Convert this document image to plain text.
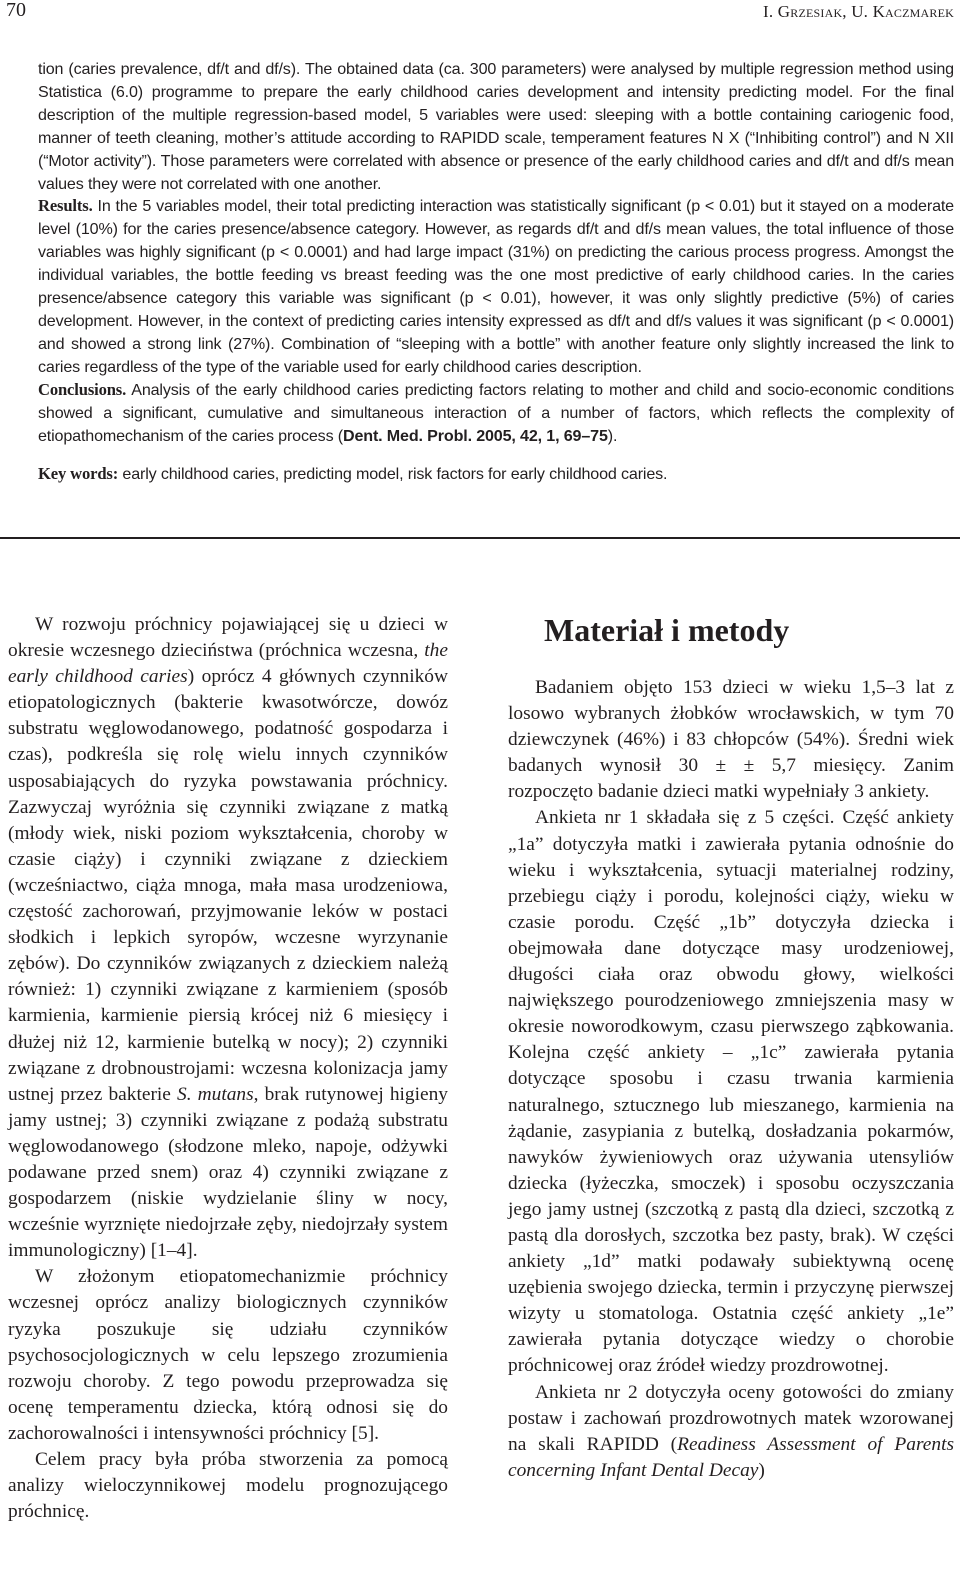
70	I. Grzesiak, U. Kaczmarek

tion (caries prevalence, df/t and df/s). The obtained data (ca. 300 parameters) were analysed by multiple regression method using Statistica (6.0) programme to prepare the early childhood caries development and intensity predicting model. For the final description of the multiple regression-based model, 5 variables were used: sleeping with a bottle containing cariogenic food, manner of teeth cleaning, mother’s attitude according to RAPIDD scale, temperament features N X (“Inhibiting control”) and N XII (“Motor activity”). Those parameters were correlated with absence or presence of the early childhood caries and df/t and df/s mean values they were not correlated with one another.
Results. In the 5 variables model, their total predicting interaction was statistically significant (p < 0.01) but it stayed on a moderate level (10%) for the caries presence/absence category. However, as regards df/t and df/s mean values, the total influence of those variables was highly significant (p < 0.0001) and had large impact (31%) on predicting the carious process progress. Amongst the individual variables, the bottle feeding vs breast feeding was the one most predictive of early childhood caries. In the caries presence/absence category this variable was significant (p < 0.01), however, it was only slightly predictive (5%) of caries development. However, in the context of predicting caries intensity expressed as df/t and df/s values it was significant (p < 0.0001) and showed a strong link (27%). Combination of “sleeping with a bottle” with another feature only slightly increased the link to caries regardless of the type of the variable used for early childhood caries description.
Conclusions. Analysis of the early childhood caries predicting factors relating to mother and child and socio-economic conditions showed a significant, cumulative and simultaneous interaction of a number of factors, which reflects the complexity of etiopathomechanism of the caries process (Dent. Med. Probl. 2005, 42, 1, 69–75).

Key words: early childhood caries, predicting model, risk factors for early childhood caries.

W rozwoju próchnicy pojawiającej się u dzieci w okresie wczesnego dzieciństwa (próchnica wczesna, the early childhood caries) oprócz 4 głównych czynników etiopatologicznych (bakterie kwasotwórcze, dowóz substratu węglowodanowego, podatność gospodarza i czas), podkreśla się rolę wielu innych czynników usposabiających do ryzyka powstawania próchnicy. Zazwyczaj wyróżnia się czynniki związane z matką (młody wiek, niski poziom wykształcenia, choroby w czasie ciąży) i czynniki związane z dzieckiem (wcześniactwo, ciąża mnoga, mała masa urodzeniowa, częstość zachorowań, przyjmowanie leków w postaci słodkich i lepkich syropów, wczesne wyrzynanie zębów). Do czynników związanych z dzieckiem należą również: 1) czynniki związane z karmieniem (sposób karmienia, karmienie piersią krócej niż 6 miesięcy i dłużej niż 12, karmienie butelką w nocy); 2) czynniki związane z drobnoustrojami: wczesna kolonizacja jamy ustnej przez bakterie S. mutans, brak rutynowej higieny jamy ustnej; 3) czynniki związane z podażą substratu węglowodanowego (słodzone mleko, napoje, odżywki podawane przed snem) oraz 4) czynniki związane z gospodarzem (niskie wydzielanie śliny w nocy, wcześnie wyrznięte niedojrzałe zęby, niedojrzały system immunologiczny) [1–4].

W złożonym etiopatomechanizmie próchnicy wczesnej oprócz analizy biologicznych czynników ryzyka poszukuje się udziału czynników psychosocjologicznych w celu lepszego zrozumienia rozwoju choroby. Z tego powodu przeprowadza się ocenę temperamentu dziecka, którą odnosi się do zachorowalności i intensywności próchnicy [5].

Celem pracy była próba stworzenia za pomocą analizy wieloczynnikowej modelu prognozującego próchnicę.

Materiał i metody

Badaniem objęto 153 dzieci w wieku 1,5–3 lat z losowo wybranych żłobków wrocławskich, w tym 70 dziewczynek (46%) i 83 chłopców (54%). Średni wiek badanych wynosił 30 ± ± 5,7 miesięcy. Zanim rozpoczęto badanie dzieci matki wypełniały 3 ankiety.

Ankieta nr 1 składała się z 5 części. Część ankiety „1a” dotyczyła matki i zawierała pytania odnośnie do wieku i wykształcenia, sytuacji materialnej rodziny, przebiegu ciąży i porodu, kolejności ciąży, wieku w czasie porodu. Część „1b” dotyczyła dziecka i obejmowała dane dotyczące masy urodzeniowej, długości ciała oraz obwodu głowy, wielkości największego pourodzeniowego zmniejszenia masy w okresie noworodkowym, czasu pierwszego ząbkowania. Kolejna część ankiety – „1c” zawierała pytania dotyczące sposobu i czasu trwania karmienia naturalnego, sztucznego lub mieszanego, karmienia na żądanie, zasypiania z butelką, dosładzania pokarmów, nawyków żywieniowych oraz używania utensyliów dziecka (łyżeczka, smoczek) i sposobu oczyszczania jego jamy ustnej (szczotką z pastą dla dzieci, szczotką z pastą dla dorosłych, szczotka bez pasty, brak). W części ankiety „1d” matki podawały subiektywną ocenę uzębienia swojego dziecka, termin i przyczynę pierwszej wizyty u stomatologa. Ostatnia część ankiety „1e” zawierała pytania dotyczące wiedzy o chorobie próchnicowej oraz źródeł wiedzy prozdrowotnej.

Ankieta nr 2 dotyczyła oceny gotowości do zmiany postaw i zachowań prozdrowotnych matek wzorowanej na skali RAPIDD (Readiness Assessment of Parents concerning Infant Dental Decay)
